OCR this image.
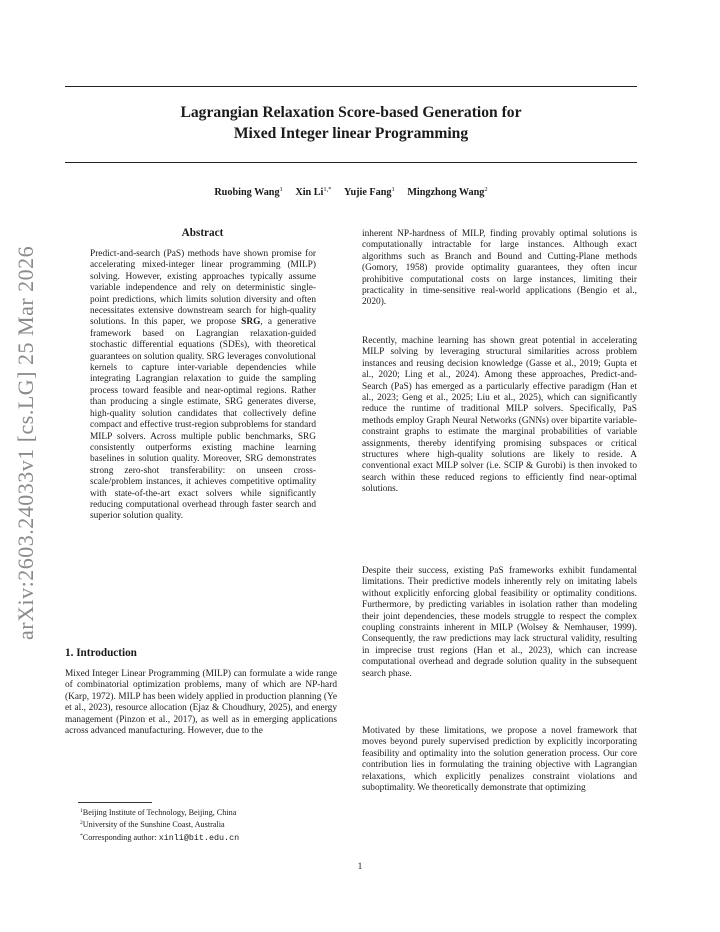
arXiv:2603.24033v1 [cs.LG] 25 Mar 2026
Lagrangian Relaxation Score-based Generation for
Mixed Integer linear Programming
Ruobing Wang$^1$ Xin $Li^{1,*}$ Yujie Fang$^1$ Mingzhong Wang$^2$
Abstract

Predict-and-search (PaS) methods have shown promise for accelerating mixed-integer linear programming (MILP) solving. However, existing approaches typically assume variable independence and rely on deterministic single-point predictions, which limits solution diversity and often necessitates extensive downstream search for high-quality solutions. In this paper, we propose SRG, a generative framework based on Lagrangian relaxation-guided stochastic differential equations (SDEs), with theoretical guarantees on solution quality. SRG leverages convolutional kernels to capture inter-variable dependencies while integrating Lagrangian relaxation to guide the sampling process toward feasible and near-optimal regions. Rather than producing a single estimate, SRG generates diverse, high-quality solution candidates that collectively define compact and effective trust-region subproblems for standard MILP solvers. Across multiple public benchmarks, SRG consistently outperforms existing machine learning baselines in solution quality. Moreover, SRG demonstrates strong zero-shot transferability: on unseen cross-scale/problem instances, it achieves competitive optimality with state-of-the-art exact solvers while significantly reducing computational overhead through faster search and superior solution quality.

1. Introduction

Mixed Integer Linear Programming (MILP) can formulate a wide range of combinatorial optimization problems, many of which are NP-hard (Karp, 1972). MILP has been widely applied in production planning (Ye et al., 2023), resource allocation (Ejaz & Choudhury, 2025), and energy management (Pinzon et al., 2017), as well as in emerging applications across advanced manufacturing. However, due to the

$^1$Beijing Institute of Technology, Beijing, China
$^2$University of the Sunshine Coast, Australia
*Corresponding author: xinli@bit.edu.cn
inherent NP-hardness of MILP, finding provably optimal solutions is computationally intractable for large instances. Although exact algorithms such as Branch and Bound and Cutting-Plane methods (Gomory, 1958) provide optimality guarantees, they often incur prohibitive computational costs on large instances, limiting their practicality in time-sensitive real-world applications (Bengio et al., 2020).
Recently, machine learning has shown great potential in accelerating MILP solving by leveraging structural similarities across problem instances and reusing decision knowledge (Gasse et al., 2019; Gupta et al., 2020; Ling et al., 2024). Among these approaches, Predict-and-Search (PaS) has emerged as a particularly effective paradigm (Han et al., 2023; Geng et al., 2025; Liu et al., 2025), which can significantly reduce the runtime of traditional MILP solvers. Specifically, PaS methods employ Graph Neural Networks (GNNs) over bipartite variable-constraint graphs to estimate the marginal probabilities of variable assignments, thereby identifying promising subspaces or critical structures where high-quality solutions are likely to reside. A conventional exact MILP solver (i.e. SCIP & Gurobi) is then invoked to search within these reduced regions to efficiently find near-optimal solutions.
Despite their success, existing PaS frameworks exhibit fundamental limitations. Their predictive models inherently rely on imitating labels without explicitly enforcing global feasibility or optimality conditions. Furthermore, by predicting variables in isolation rather than modeling their joint dependencies, these models struggle to respect the complex coupling constraints inherent in MILP (Wolsey & Nemhauser, 1999). Consequently, the raw predictions may lack structural validity, resulting in imprecise trust regions (Han et al., 2023), which can increase computational overhead and degrade solution quality in the subsequent search phase.
Motivated by these limitations, we propose a novel framework that moves beyond purely supervised prediction by explicitly incorporating feasibility and optimality into the solution generation process. Our core contribution lies in formulating the training objective with Lagrangian relaxations, which explicitly penalizes constraint violations and suboptimality. We theoretically demonstrate that optimizing
1
